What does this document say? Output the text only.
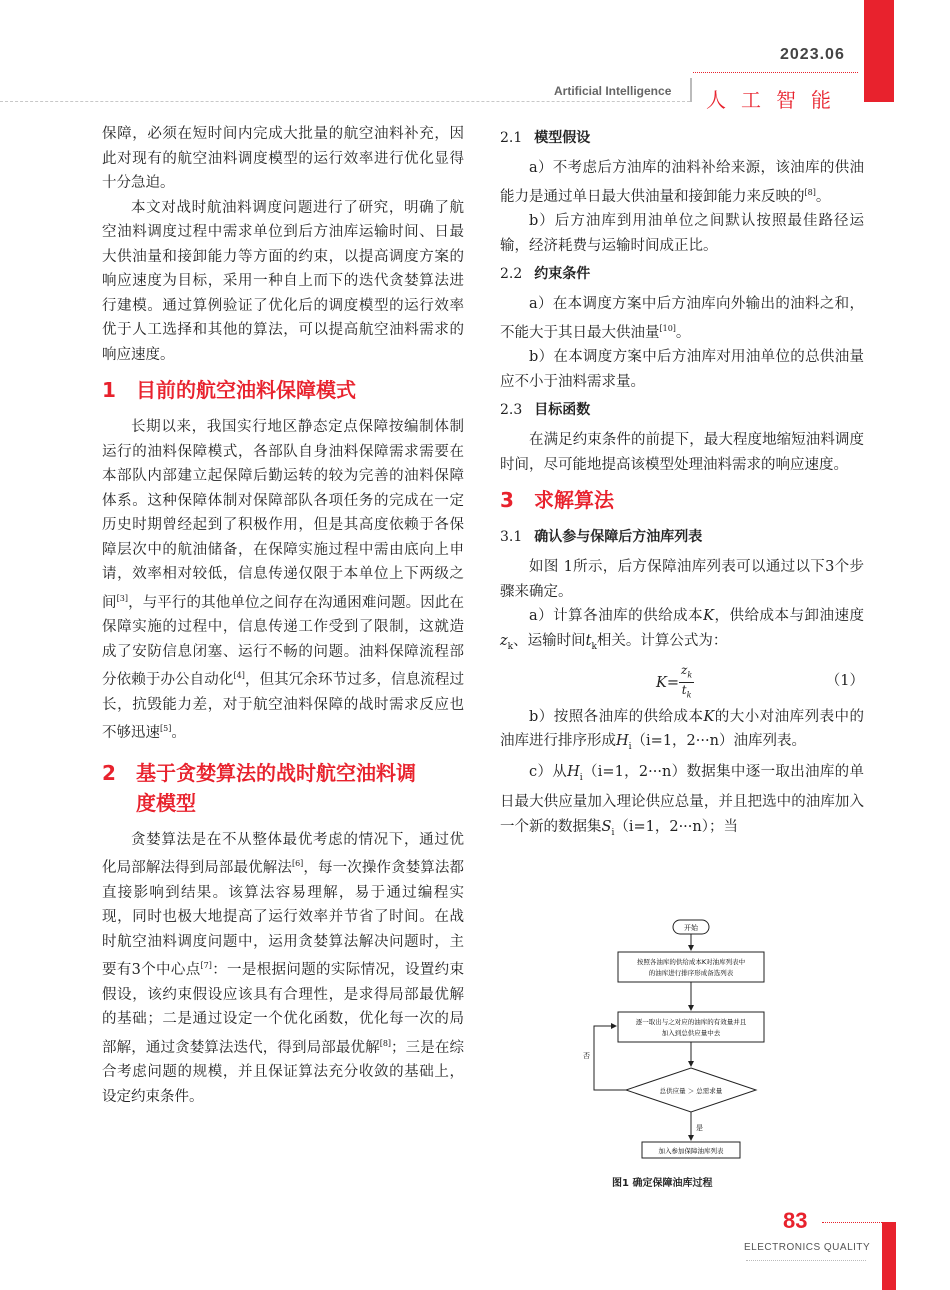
2023.06
Artificial Intelligence 人工智能

保障，必须在短时间内完成大批量的航空油料补充，因此对现有的航空油料调度模型的运行效率进行优化显得十分急迫。

本文对战时航油料调度问题进行了研究，明确了航空油料调度过程中需求单位到后方油库运输时间、日最大供油量和接卸能力等方面的约束，以提高调度方案的响应速度为目标，采用一种自上而下的迭代贪婪算法进行建模。通过算例验证了优化后的调度模型的运行效率优于人工选择和其他的算法，可以提高航空油料需求的响应速度。

1 目前的航空油料保障模式

长期以来，我国实行地区静态定点保障按编制体制运行的油料保障模式，各部队自身油料保障需求需要在本部队内部建立起保障后勤运转的较为完善的油料保障体系。这种保障体制对保障部队各项任务的完成在一定历史时期曾经起到了积极作用，但是其高度依赖于各保障层次中的航油储备，在保障实施过程中需由底向上申请，效率相对较低，信息传递仅限于本单位上下两级之间[3]，与平行的其他单位之间存在沟通困难问题。因此在保障实施的过程中，信息传递工作受到了限制，这就造成了安防信息闭塞、运行不畅的问题。油料保障流程部分依赖于办公自动化[4]，但其冗余环节过多，信息流程过长，抗毁能力差，对于航空油料保障的战时需求反应也不够迅速[5]。

2 基于贪婪算法的战时航空油料调
度模型

贪婪算法是在不从整体最优考虑的情况下，通过优化局部解法得到局部最优解法[6]，每一次操作贪婪算法都直接影响到结果。该算法容易理解，易于通过编程实现，同时也极大地提高了运行效率并节省了时间。在战时航空油料调度问题中，运用贪婪算法解决问题时，主要有3个中心点[7]：一是根据问题的实际情况，设置约束假设，该约束假设应该具有合理性，是求得局部最优解的基础；二是通过设定一个优化函数，优化每一次的局部解，通过贪婪算法迭代，得到局部最优解[8]；三是在综合考虑问题的规模，并且保证算法充分收敛的基础上，设定约束条件。

2.1 模型假设

a）不考虑后方油库的油料补给来源，该油库的供油能力是通过单日最大供油量和接卸能力来反映的[8]。

b）后方油库到用油单位之间默认按照最佳路径运输，经济耗费与运输时间成正比。

2.2 约束条件

a）在本调度方案中后方油库向外输出的油料之和，不能大于其日最大供油量[10]。

b）在本调度方案中后方油库对用油单位的总供油量应不小于油料需求量。

2.3 目标函数

在满足约束条件的前提下，最大程度地缩短油料调度时间，尽可能地提高该模型处理油料需求的响应速度。

3 求解算法
3.1 确认参与保障后方油库列表

如图 1所示，后方保障油库列表可以通过以下3个步骤来确定。

a）计算各油库的供给成本K，供给成本与卸油速度$z_k$、运输时间$t_k$相关。计算公式为：

$K= \frac{z_k}{t_k}$	（1）

b）按照各油库的供给成本K的大小对油库列表中的油库进行排序形成$H_i(i=1$，2···n）油库列表。

c）从$H_i(i=1$，2···n）数据集中逐一取出油库的单日最大供应量加入理论供应总量，并且把选中的油库加入一个新的数据集$S_i(i=1$，2···n）；当

开始
按照各油库的供给成本K对油库列表中
的油库进行排序形成备选列表
逐一取出与之对应的油库的有效量并且
加入到总供应量中去
总供应量 ＞ 总需求量
否
是
加入参加保障油库列表
图1 确定保障油库过程
83
ELECTRONICS QUALITY
